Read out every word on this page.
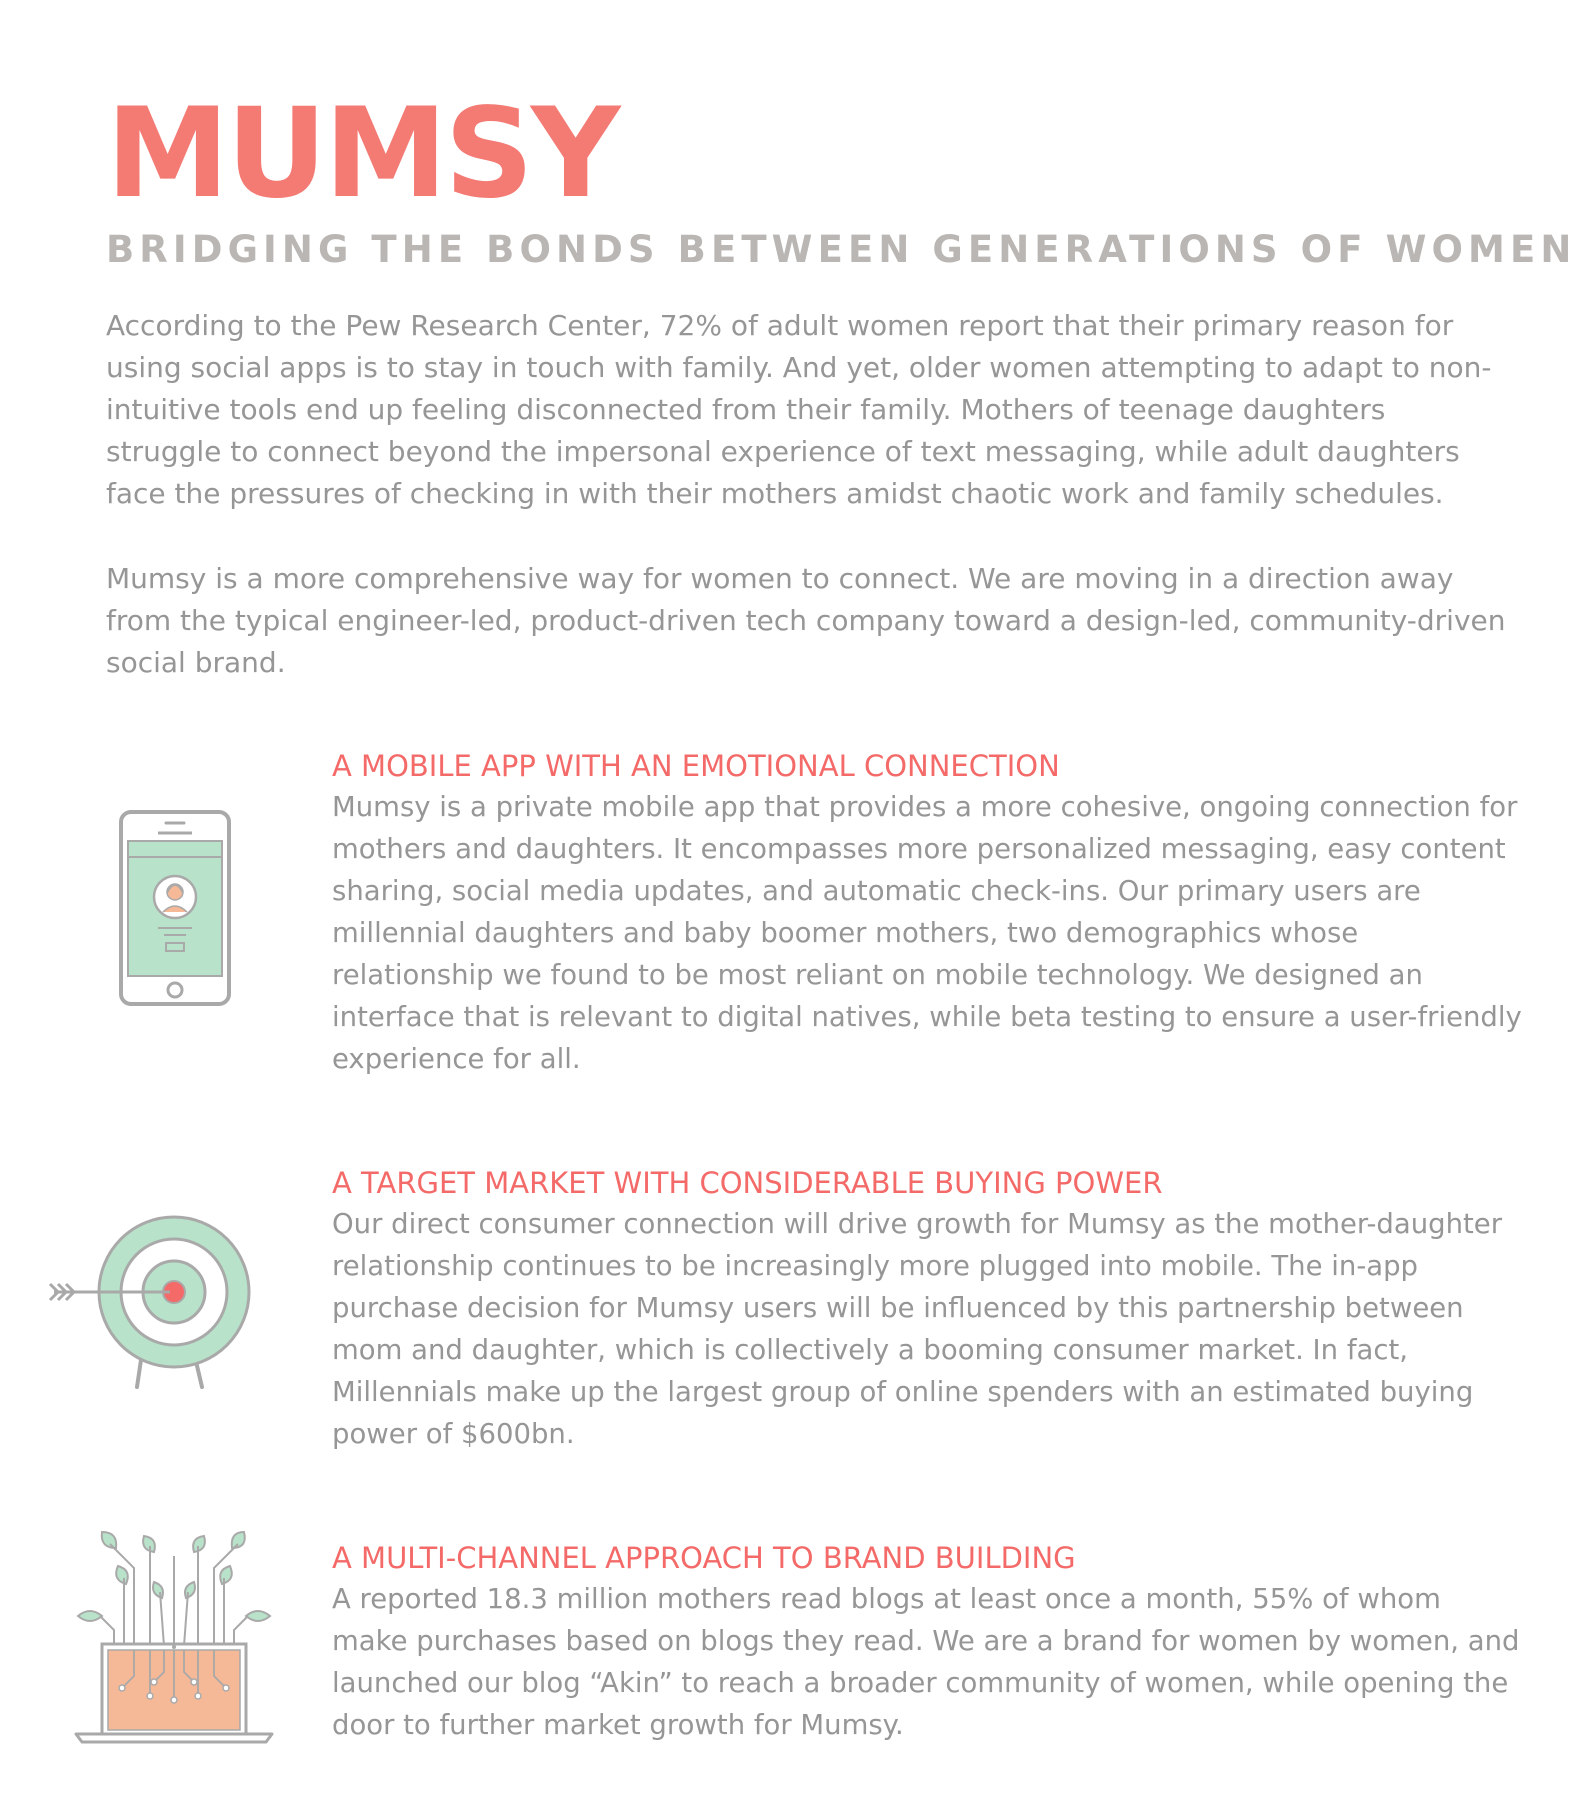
MUMSY
BRIDGING THE BONDS BETWEEN GENERATIONS OF WOMEN

According to the Pew Research Center, 72% of adult women report that their primary reason for using social apps is to stay in touch with family. And yet, older women attempting to adapt to non-intuitive tools end up feeling disconnected from their family. Mothers of teenage daughters struggle to connect beyond the impersonal experience of text messaging, while adult daughters face the pressures of checking in with their mothers amidst chaotic work and family schedules.

Mumsy is a more comprehensive way for women to connect. We are moving in a direction away from the typical engineer-led, product-driven tech company toward a design-led, community-driven social brand.

A MOBILE APP WITH AN EMOTIONAL CONNECTION

Mumsy is a private mobile app that provides a more cohesive, ongoing connection for mothers and daughters. It encompasses more personalized messaging, easy content sharing, social media updates, and automatic check-ins. Our primary users are millennial daughters and baby boomer mothers, two demographics whose relationship we found to be most reliant on mobile technology. We designed an interface that is relevant to digital natives, while beta testing to ensure a user-friendly experience for all.

A TARGET MARKET WITH CONSIDERABLE BUYING POWER

Our direct consumer connection will drive growth for Mumsy as the mother-daughter relationship continues to be increasingly more plugged into mobile. The in-app purchase decision for Mumsy users will be influenced by this partnership between mom and daughter, which is collectively a booming consumer market. In fact, Millennials make up the largest group of online spenders with an estimated buying power of $600bn.

A MULTI-CHANNEL APPROACH TO BRAND BUILDING

A reported 18.3 million mothers read blogs at least once a month, 55% of whom make purchases based on blogs they read. We are a brand for women by women, and launched our blog “Akin” to reach a broader community of women, while opening the door to further market growth for Mumsy.
